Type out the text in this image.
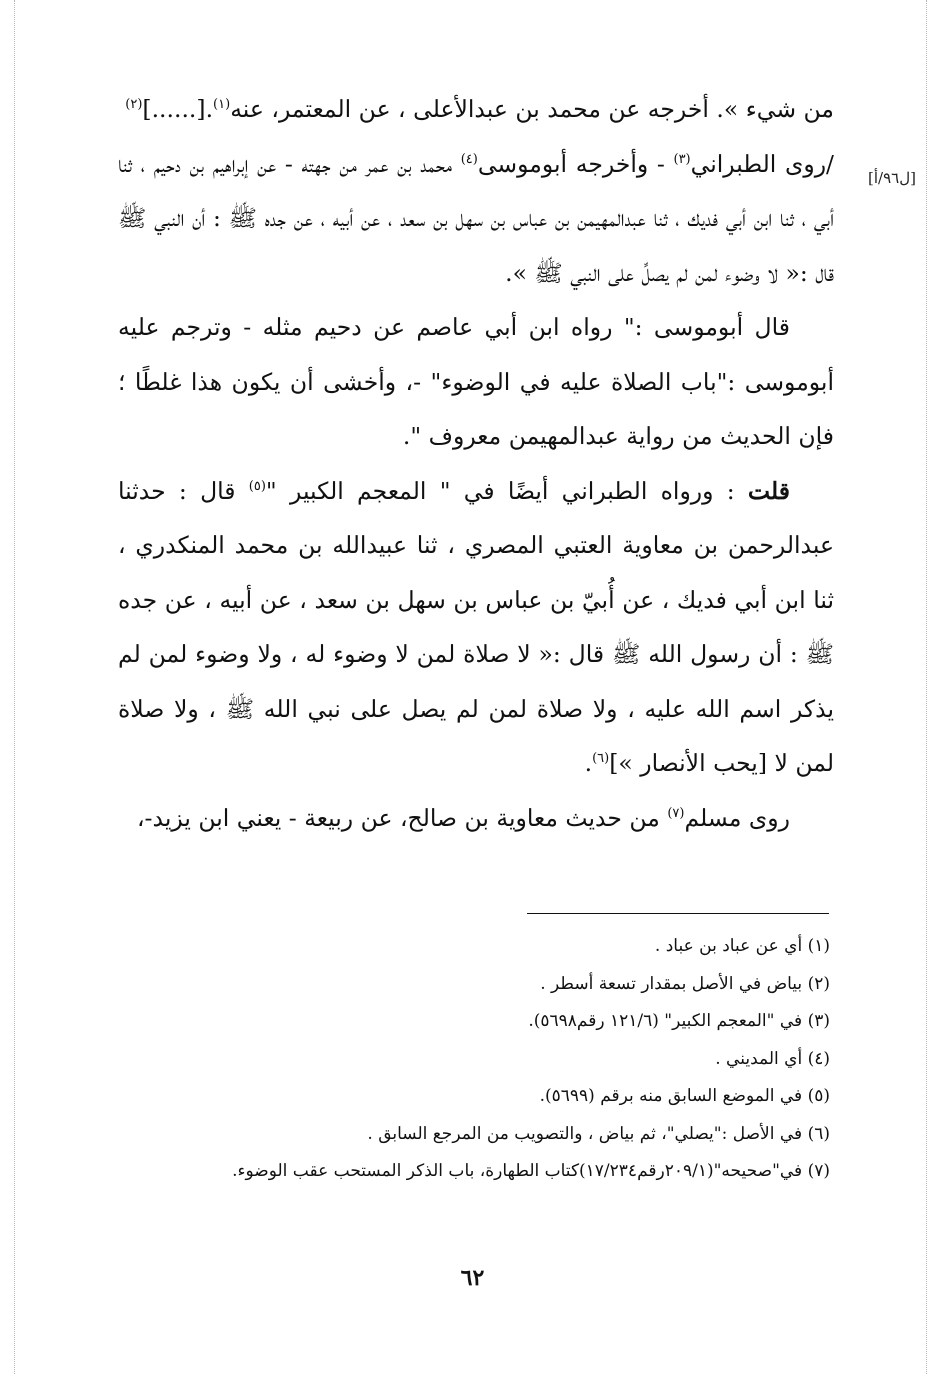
[ل٩٦/أ]

من شيء ». أخرجه عن محمد بن عبدالأعلى ، عن المعتمر، عنه$^{(١)}$.[......]$^{(٢)}$

/روى الطبراني$^{(٣)}$ - وأخرجه أبوموسى$^{(٤)}$ محمد بن عمر من جهته - عن إبراهيم بن دحيم ، ثنا أبي ، ثنا ابن أبي فديك ، ثنا عبدالمهيمن بن عباس بن سهل بن سعد ، عن أبيه ، عن جده ﷺ : أن النبي ﷺ قال :« لا وضوء لمن لم يصلِّ على النبي ﷺ ».

قال أبوموسى :" رواه ابن أبي عاصم عن دحيم مثله - وترجم عليه أبوموسى :"باب الصلاة عليه في الوضوء" -، وأخشى أن يكون هذا غلطًا ؛ فإن الحديث من رواية عبدالمهيمن معروف ".

قلت : ورواه الطبراني أيضًا في " المعجم الكبير "$^{(٥)}$ قال : حدثنا عبدالرحمن بن معاوية العتبي المصري ، ثنا عبيدالله بن محمد المنكدري ، ثنا ابن أبي فديك ، عن أُبيّ بن عباس بن سهل بن سعد ، عن أبيه ، عن جده ﷺ : أن رسول الله ﷺ قال :« لا صلاة لمن لا وضوء له ، ولا وضوء لمن لم يذكر اسم الله عليه ، ولا صلاة لمن لم يصل على نبي الله ﷺ ، ولا صلاة لمن لا [يحب الأنصار »]$^{(٦)}$.

روى مسلم$^{(٧)}$ من حديث معاوية بن صالح، عن ربيعة - يعني ابن يزيد-،

(١) أي عن عباد بن عباد .

(٢) بياض في الأصل بمقدار تسعة أسطر .

(٣) في "المعجم الكبير" (١٢١/٦ رقم٥٦٩٨).

(٤) أي المديني .

(٥) في الموضع السابق منه برقم (٥٦٩٩).

(٦) في الأصل :"يصلي"، ثم بياض ، والتصويب من المرجع السابق .

(٧) في"صحيحه"(٢٠٩/١رقم١٧/٢٣٤)كتاب الطهارة، باب الذكر المستحب عقب الوضوء.

٦٢
